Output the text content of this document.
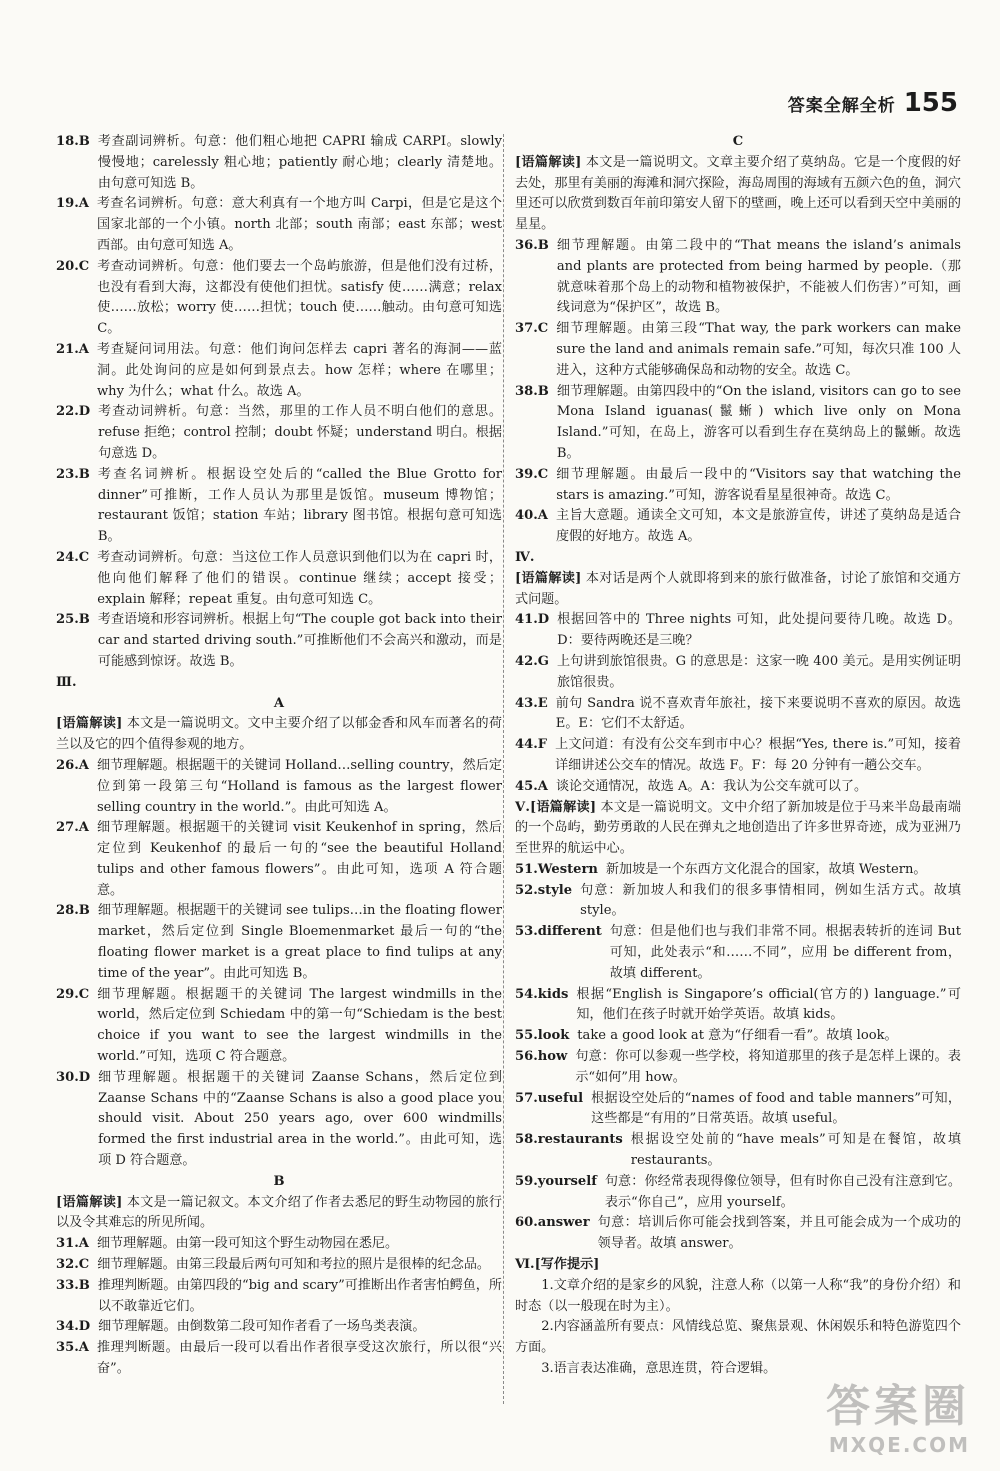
答案全解全析 155
18.B 考查副词辨析。句意：他们粗心地把 CAPRI 输成 CARPI。slowly 慢慢地；carelessly 粗心地；patiently 耐心地；clearly 清楚地。由句意可知选 B。
19.A 考查名词辨析。句意：意大利真有一个地方叫 Carpi，但是它是这个国家北部的一个小镇。north 北部；south 南部；east 东部；west 西部。由句意可知选 A。
20.C 考查动词辨析。句意：他们要去一个岛屿旅游，但是他们没有过桥，也没有看到大海，这都没有使他们担忧。satisfy 使……满意；relax 使……放松；worry 使……担忧；touch 使……触动。由句意可知选 C。
21.A 考查疑问词用法。句意：他们询问怎样去 capri 著名的海洞——蓝洞。此处询问的应是如何到景点去。how 怎样；where 在哪里；why 为什么；what 什么。故选 A。
22.D 考查动词辨析。句意：当然，那里的工作人员不明白他们的意思。refuse 拒绝；control 控制；doubt 怀疑；understand 明白。根据句意选 D。
23.B 考查名词辨析。根据设空处后的“called the Blue Grotto for dinner”可推断，工作人员认为那里是饭馆。museum 博物馆；restaurant 饭馆；station 车站；library 图书馆。根据句意可知选 B。
24.C 考查动词辨析。句意：当这位工作人员意识到他们以为在 capri 时，他向他们解释了他们的错误。continue 继续；accept 接受；explain 解释；repeat 重复。由句意可知选 C。
25.B 考查语境和形容词辨析。根据上句“The couple got back into their car and started driving south.”可推断他们不会高兴和激动，而是可能感到惊讶。故选 B。

Ⅲ.

A

[语篇解读] 本文是一篇说明文。文中主要介绍了以郁金香和风车而著名的荷兰以及它的四个值得参观的地方。

26.A 细节理解题。根据题干的关键词 Holland…selling country，然后定位到第一段第三句“Holland is famous as the largest flower selling country in the world.”。由此可知选 A。
27.A 细节理解题。根据题干的关键词 visit Keukenhof in spring，然后定位到 Keukenhof 的最后一句的“see the beautiful Holland tulips and other famous flowers”。由此可知，选项 A 符合题意。
28.B 细节理解题。根据题干的关键词 see tulips…in the floating flower market，然后定位到 Single Bloemenmarket 最后一句的“the floating flower market is a great place to find tulips at any time of the year”。由此可知选 B。
29.C 细节理解题。根据题干的关键词 The largest windmills in the world，然后定位到 Schiedam 中的第一句“Schiedam is the best choice if you want to see the largest windmills in the world.”可知，选项 C 符合题意。
30.D 细节理解题。根据题干的关键词 Zaanse Schans，然后定位到 Zaanse Schans 中的“Zaanse Schans is also a good place you should visit. About 250 years ago, over 600 windmills formed the first industrial area in the world.”。由此可知，选项 D 符合题意。

B

[语篇解读] 本文是一篇记叙文。本文介绍了作者去悉尼的野生动物园的旅行以及令其难忘的所见所闻。

31.A 细节理解题。由第一段可知这个野生动物园在悉尼。
32.C 细节理解题。由第三段最后两句可知和考拉的照片是很棒的纪念品。
33.B 推理判断题。由第四段的“big and scary”可推断出作者害怕鳄鱼，所以不敢靠近它们。
34.D 细节理解题。由倒数第二段可知作者看了一场鸟类表演。
35.A 推理判断题。由最后一段可以看出作者很享受这次旅行，所以很“兴奋”。

C

[语篇解读] 本文是一篇说明文。文章主要介绍了莫纳岛。它是一个度假的好去处，那里有美丽的海滩和洞穴探险，海岛周围的海域有五颜六色的鱼，洞穴里还可以欣赏到数百年前印第安人留下的壁画，晚上还可以看到天空中美丽的星星。

36.B 细节理解题。由第二段中的“That means the island’s animals and plants are protected from being harmed by people.（那就意味着那个岛上的动物和植物被保护，不能被人们伤害）”可知，画线词意为“保护区”，故选 B。
37.C 细节理解题。由第三段“That way, the park workers can make sure the land and animals remain safe.”可知，每次只准 100 人进入，这种方式能够确保岛和动物的安全。故选 C。
38.B 细节理解题。由第四段中的“On the island, visitors can go to see Mona Island iguanas(鬣蜥) which live only on Mona Island.”可知，在岛上，游客可以看到生存在莫纳岛上的鬣蜥。故选 B。
39.C 细节理解题。由最后一段中的“Visitors say that watching the stars is amazing.”可知，游客说看星星很神奇。故选 C。
40.A 主旨大意题。通读全文可知，本文是旅游宣传，讲述了莫纳岛是适合度假的好地方。故选 A。

Ⅳ.

[语篇解读] 本对话是两个人就即将到来的旅行做准备，讨论了旅馆和交通方式问题。

41.D 根据回答中的 Three nights 可知，此处提问要待几晚。故选 D。D：要待两晚还是三晚？
42.G 上句讲到旅馆很贵。G 的意思是：这家一晚 400 美元。是用实例证明旅馆很贵。
43.E 前句 Sandra 说不喜欢青年旅社，接下来要说明不喜欢的原因。故选 E。E：它们不太舒适。
44.F 上文问道：有没有公交车到市中心？根据“Yes, there is.”可知，接着详细讲述公交车的情况。故选 F。F：每 20 分钟有一趟公交车。
45.A 谈论交通情况，故选 A。A：我认为公交车就可以了。

Ⅴ.[语篇解读] 本文是一篇说明文。文中介绍了新加坡是位于马来半岛最南端的一个岛屿，勤劳勇敢的人民在弹丸之地创造出了许多世界奇迹，成为亚洲乃至世界的航运中心。

51.Western 新加坡是一个东西方文化混合的国家，故填 Western。
52.style 句意：新加坡人和我们的很多事情相同，例如生活方式。故填 style。
53.different 句意：但是他们也与我们非常不同。根据表转折的连词 But 可知，此处表示“和……不同”，应用 be different from，故填 different。
54.kids 根据“English is Singapore’s official(官方的) language.”可知，他们在孩子时就开始学英语。故填 kids。
55.look take a good look at 意为“仔细看一看”。故填 look。
56.how 句意：你可以参观一些学校，将知道那里的孩子是怎样上课的。表示“如何”用 how。
57.useful 根据设空处后的“names of food and table manners”可知，这些都是“有用的”日常英语。故填 useful。
58.restaurants 根据设空处前的“have meals”可知是在餐馆，故填 restaurants。
59.yourself 句意：你经常表现得像位领导，但有时你自己没有注意到它。表示“你自己”，应用 yourself。
60.answer 句意：培训后你可能会找到答案，并且可能会成为一个成功的领导者。故填 answer。

Ⅵ.[写作提示]

1.文章介绍的是家乡的风貌，注意人称（以第一人称“我”的身份介绍）和时态（以一般现在时为主）。

2.内容涵盖所有要点：风情线总览、聚焦景观、休闲娱乐和特色游览四个方面。

3.语言表达准确，意思连贯，符合逻辑。

答案圈
MXQE.COM
